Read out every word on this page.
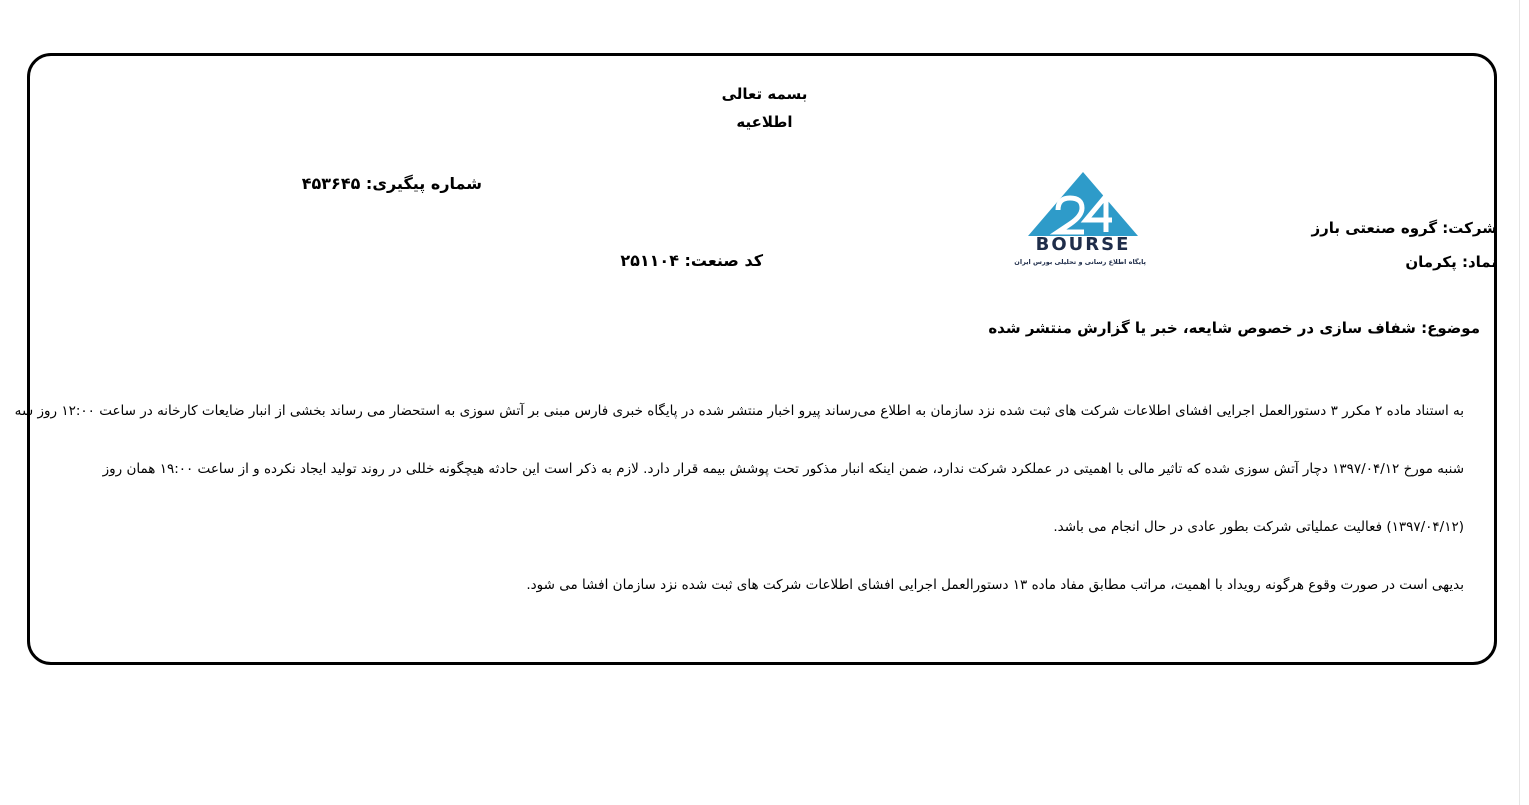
بسمه تعالی
اطلاعیه
شماره پیگیری: ۴۵۳۶۴۵
کد صنعت: ۲۵۱۱۰۴
شرکت: گروه صنعتی بارز
نماد: پکرمان
موضوع: شفاف سازی در خصوص شایعه، خبر یا گزارش منتشر شده
BOURSE
پایگاه اطلاع رسانی و تحلیلی بورس ایران
به استناد ماده ۲ مکرر ۳ دستورالعمل اجرایی افشای اطلاعات شرکت های ثبت شده نزد سازمان به اطلاع می‌رساند پیرو اخبار منتشر شده در پایگاه خبری فارس مبنی بر آتش سوزی به استحضار می رساند بخشی از انبار ضایعات کارخانه در ساعت ۱۲:۰۰ روز سه
شنبه مورخ ۱۳۹۷/۰۴/۱۲ دچار آتش سوزی شده که تاثیر مالی با اهمیتی در عملکرد شرکت ندارد، ضمن اینکه انبار مذکور تحت پوشش بیمه قرار دارد. لازم به ذکر است این حادثه هیچگونه خللی در روند تولید ایجاد نکرده و از ساعت ۱۹:۰۰ همان روز
(۱۳۹۷/۰۴/۱۲) فعالیت عملیاتی شرکت بطور عادی در حال انجام می باشد.
بدیهی است در صورت وقوع هرگونه رویداد با اهمیت، مراتب مطابق مفاد ماده ۱۳ دستورالعمل اجرایی افشای اطلاعات شرکت های ثبت شده نزد سازمان افشا می شود.
